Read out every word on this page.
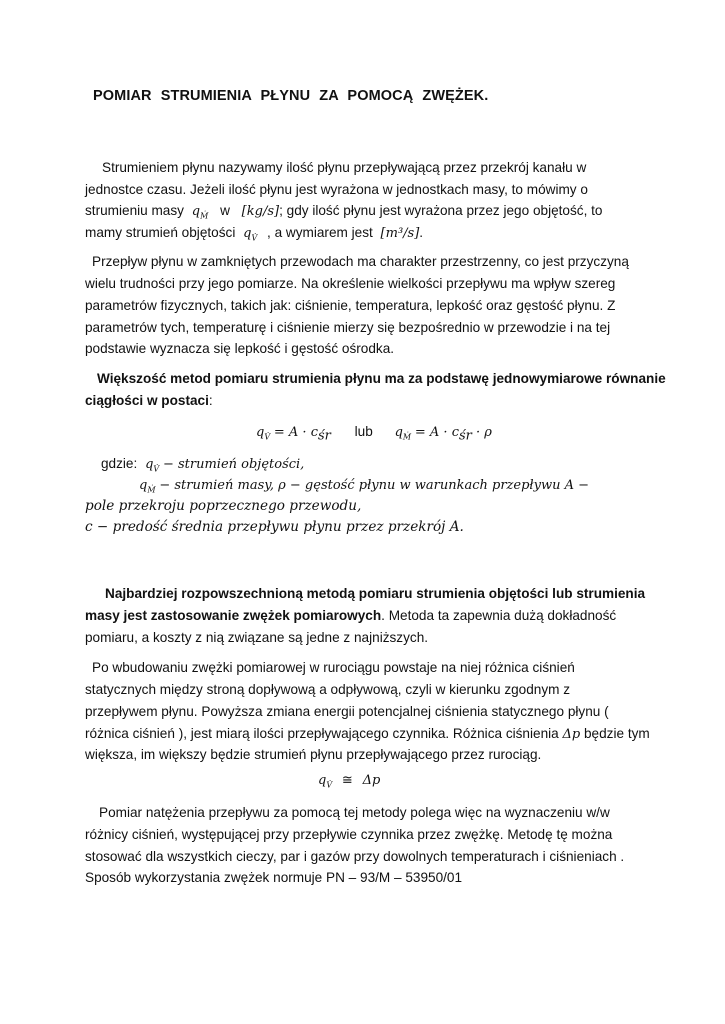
POMIAR STRUMIENIA PŁYNU ZA POMOCĄ ZWĘŻEK.
Strumieniem płynu nazywamy ilość płynu przepływającą przez przekrój kanału w
jednostce czasu. Jeżeli ilość płynu jest wyrażona w jednostkach masy, to mówimy o
strumieniu masy $q_Ṁ$ w [kg/s]; gdy ilość płynu jest wyrażona przez jego objętość, to
mamy strumień objętości $q_{V̇}$ , a wymiarem jest [m³/s].
Przepływ płynu w zamkniętych przewodach ma charakter przestrzenny, co jest przyczyną
wielu trudności przy jego pomiarze. Na określenie wielkości przepływu ma wpływ szereg
parametrów fizycznych, takich jak: ciśnienie, temperatura, lepkość oraz gęstość płynu. Z
parametrów tych, temperaturę i ciśnienie mierzy się bezpośrednio w przewodzie i na tej
podstawie wyznacza się lepkość i gęstość ośrodka.
Większość metod pomiaru strumienia płynu ma za podstawę jednowymiarowe równanie
ciągłości w postaci:
$q_{V̇} = A \cdot c_{śr}$ lub $q_Ṁ = A \cdot c_{śr} \cdot \rho$
gdzie: $q_{V̇}$ − strumień objętości,
$q_Ṁ$ − strumień masy, ρ − gęstość płynu w warunkach przepływu A −
pole przekroju poprzecznego przewodu,
c − predość średnia przepływu płynu przez przekrój A.
Najbardziej rozpowszechnioną metodą pomiaru strumienia objętości lub strumienia
masy jest zastosowanie zwężek pomiarowych. Metoda ta zapewnia dużą dokładność
pomiaru, a koszty z nią związane są jedne z najniższych.
Po wbudowaniu zwężki pomiarowej w rurociągu powstaje na niej różnica ciśnień
statycznych między stroną dopływową a odpływową, czyli w kierunku zgodnym z
przepływem płynu. Powyższa zmiana energii potencjalnej ciśnienia statycznego płynu (
różnica ciśnień ), jest miarą ilości przepływającego czynnika. Różnica ciśnienia Δp będzie tym
większa, im większy będzie strumień płynu przepływającego przez rurociąg.
$q_{V̇}$ ≅ Δp
Pomiar natężenia przepływu za pomocą tej metody polega więc na wyznaczeniu w/w
różnicy ciśnień, występującej przy przepływie czynnika przez zwężkę. Metodę tę można
stosować dla wszystkich cieczy, par i gazów przy dowolnych temperaturach i ciśnieniach .
Sposób wykorzystania zwężek normuje PN – 93/M – 53950/01
